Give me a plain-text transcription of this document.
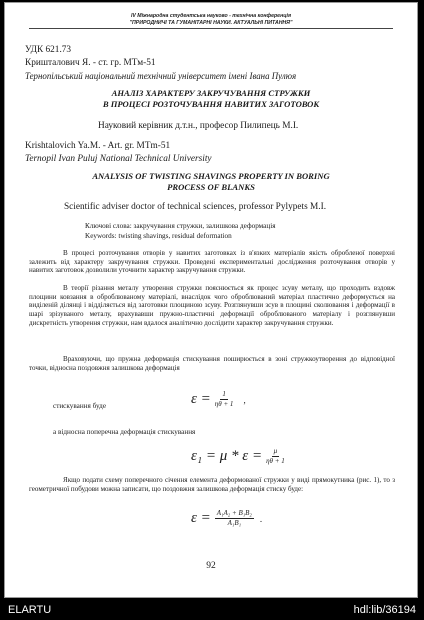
IV Міжнародна студентська науково - технічна конференція
"ПРИРОДНИЧІ ТА ГУМАНІТАРНІ НАУКИ. АКТУАЛЬНІ ПИТАННЯ"
УДК 621.73
Кришталович Я. - ст. гр. МТм-51
Тернопільський національний технічний університет імені Івана Пулюя
АНАЛІЗ ХАРАКТЕРУ ЗАКРУЧУВАННЯ СТРУЖКИ
В ПРОЦЕСІ РОЗТОЧУВАННЯ НАВИТИХ ЗАГОТОВОК
Науковий керівник д.т.н., професор Пилипець М.І.
Krishtalovich Ya.M. - Art. gr. MTm-51
Ternopil Ivan Puluj National Technical University
ANALYSIS OF TWISTING SHAVINGS PROPERTY IN BORING
PROCESS OF BLANKS
Scientific adviser doctor of technical sciences, professor Pylypets M.I.
Ключові слова: закручування стружки, залишкова деформація
Keywords: twisting shavings, residual deformation
В процесі розточування отворів у навитих заготовках із в'язких матеріалів якість обробленої поверхні залежить від характеру закручування стружки. Проведені експериментальні дослідження розточування отворів у навитих заготовок дозволили уточнити характер закручування стружки.
В теорії різання металу утворення стружки пояснюється як процес зсуву металу, що проходить вздовж площини ковзання в оброблюваному матеріалі, внаслідок чого оброблюваний матеріал пластично деформується на виділеній ділянці і відділяється від заготовки площиною зсуву. Розглянувши зсув в площині сколювання і деформації в шарі зрізуваного металу, врахувавши пружно-пластичні деформації оброблюваного матеріалу і розглянувши дискретність утворення стружки, нам вдалося аналітично дослідити характер закручування стружки.
Враховуючи, що пружна деформація стискування поширюється в зоні стружкоутворення до відповідної точки, відносна поздовжня залишкова деформація
стискування буде	$\varepsilon = \frac{1}{\eta\theta + 1}$ ,
а відносна поперечна деформація стискування
$\varepsilon_1 = \mu * \varepsilon = \frac{\mu}{\eta\theta + 1}$
Якщо подати схему поперечного січення елемента деформованої стружки у виді прямокутника (рис. 1), то з геометричної побудови можна записати, що поздовжня залишкова деформація стиску буде:
$\varepsilon = \frac{\text{A₁A₂ + B₁B₂}}{\text{A₁B₁}}$ .
92
ELARTU	hdl:lib/36194
